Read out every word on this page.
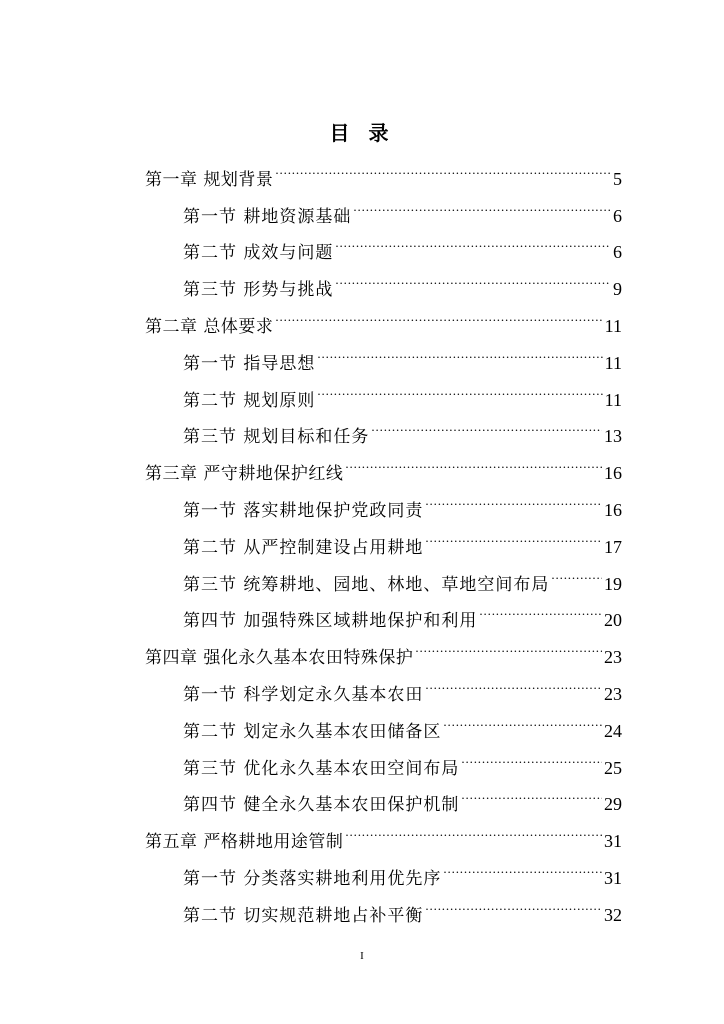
目 录
第一章 规划背景 . . .	5
第一节 耕地资源基础 . . .	6
第二节 成效与问题 . . .	6
第三节 形势与挑战 . . .	9
第二章 总体要求 . . .	11
第一节 指导思想 . . .	11
第二节 规划原则 . . .	11
第三节 规划目标和任务 . . .	13
第三章 严守耕地保护红线 . . .	16
第一节 落实耕地保护党政同责 . . .	16
第二节 从严控制建设占用耕地 . . .	17
第三节 统筹耕地、园地、林地、草地空间布局 . . .	19
第四节 加强特殊区域耕地保护和利用 . . .	20
第四章 强化永久基本农田特殊保护 . . .	23
第一节 科学划定永久基本农田 . . .	23
第二节 划定永久基本农田储备区 . . .	24
第三节 优化永久基本农田空间布局 . . .	25
第四节 健全永久基本农田保护机制 . . .	29
第五章 严格耕地用途管制 . . .	31
第一节 分类落实耕地利用优先序 . . .	31
第二节 切实规范耕地占补平衡 . . .	32
I
